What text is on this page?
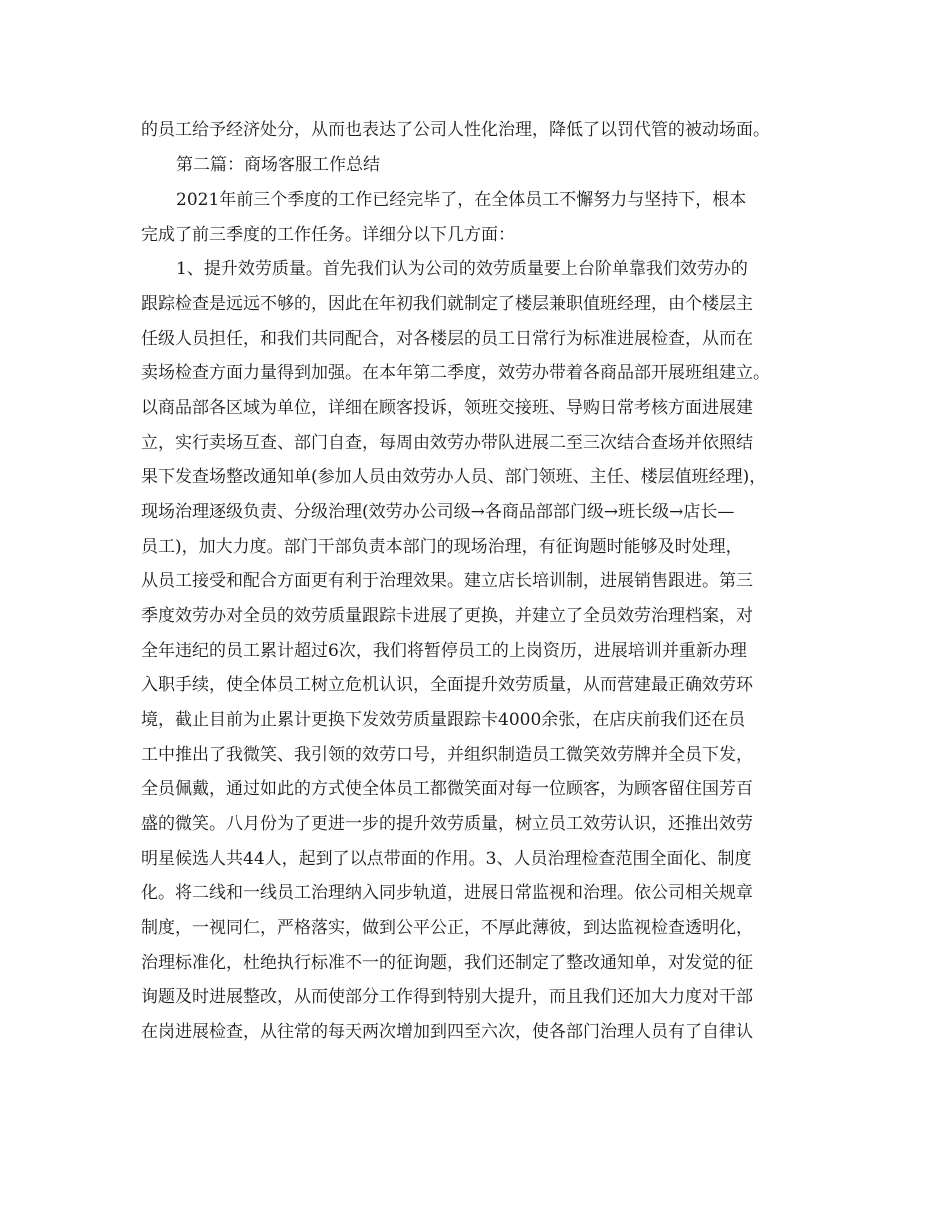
的员工给予经济处分，从而也表达了公司人性化治理，降低了以罚代管的被动场面。
第二篇：商场客服工作总结
2021年前三个季度的工作已经完毕了，在全体员工不懈努力与坚持下，根本
完成了前三季度的工作任务。详细分以下几方面：
1、提升效劳质量。首先我们认为公司的效劳质量要上台阶单靠我们效劳办的
跟踪检查是远远不够的，因此在年初我们就制定了楼层兼职值班经理，由个楼层主
任级人员担任，和我们共同配合，对各楼层的员工日常行为标准进展检查，从而在
卖场检查方面力量得到加强。在本年第二季度，效劳办带着各商品部开展班组建立。
以商品部各区域为单位，详细在顾客投诉，领班交接班、导购日常考核方面进展建
立，实行卖场互查、部门自查，每周由效劳办带队进展二至三次结合查场并依照结
果下发查场整改通知单(参加人员由效劳办人员、部门领班、主任、楼层值班经理)，
现场治理逐级负责、分级治理(效劳办公司级→各商品部部门级→班长级→店长—
员工)，加大力度。部门干部负责本部门的现场治理，有征询题时能够及时处理，
从员工接受和配合方面更有利于治理效果。建立店长培训制，进展销售跟进。第三
季度效劳办对全员的效劳质量跟踪卡进展了更换，并建立了全员效劳治理档案，对
全年违纪的员工累计超过6次，我们将暂停员工的上岗资历，进展培训并重新办理
入职手续，使全体员工树立危机认识，全面提升效劳质量，从而营建最正确效劳环
境，截止目前为止累计更换下发效劳质量跟踪卡4000余张，在店庆前我们还在员
工中推出了我微笑、我引领的效劳口号，并组织制造员工微笑效劳牌并全员下发，
全员佩戴，通过如此的方式使全体员工都微笑面对每一位顾客，为顾客留住国芳百
盛的微笑。八月份为了更进一步的提升效劳质量，树立员工效劳认识，还推出效劳
明星候选人共44人，起到了以点带面的作用。3、人员治理检查范围全面化、制度
化。将二线和一线员工治理纳入同步轨道，进展日常监视和治理。依公司相关规章
制度，一视同仁，严格落实，做到公平公正，不厚此薄彼，到达监视检查透明化，
治理标准化，杜绝执行标准不一的征询题，我们还制定了整改通知单，对发觉的征
询题及时进展整改，从而使部分工作得到特别大提升，而且我们还加大力度对干部
在岗进展检查，从往常的每天两次增加到四至六次，使各部门治理人员有了自律认
